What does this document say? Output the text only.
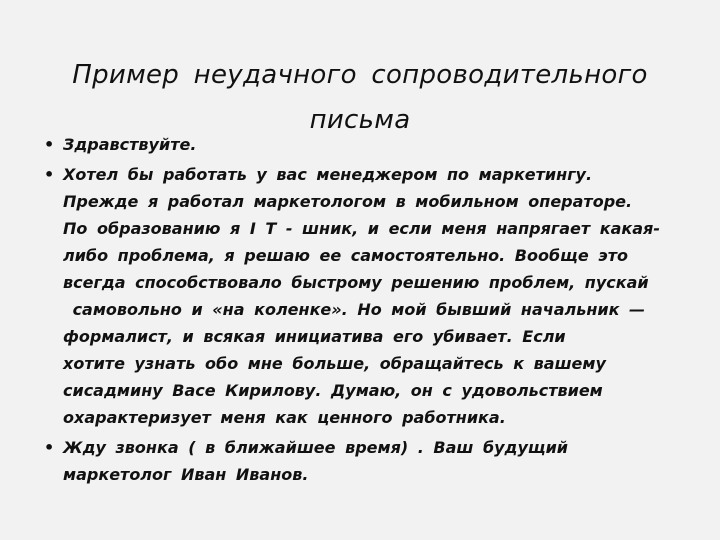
Пример неудачного сопроводительного
письма
• Здравствуйте.
• Хотел бы работать у вас менеджером по маркетингу.
Прежде я работал маркетологом в мобильном операторе.
По образованию я I T - шник, и если меня напрягает какая-
либо проблема, я решаю ее самостоятельно. Вообще это
всегда способствовало быстрому решению проблем, пускай
самовольно и «на коленке». Но мой бывший начальник —
формалист, и всякая инициатива его убивает. Если
хотите узнать обо мне больше, обращайтесь к вашему
сисадмину Васе Кирилову. Думаю, он с удовольствием
охарактеризует меня как ценного работника.
• Жду звонка ( в ближайшее время) . Ваш будущий
маркетолог Иван Иванов.
